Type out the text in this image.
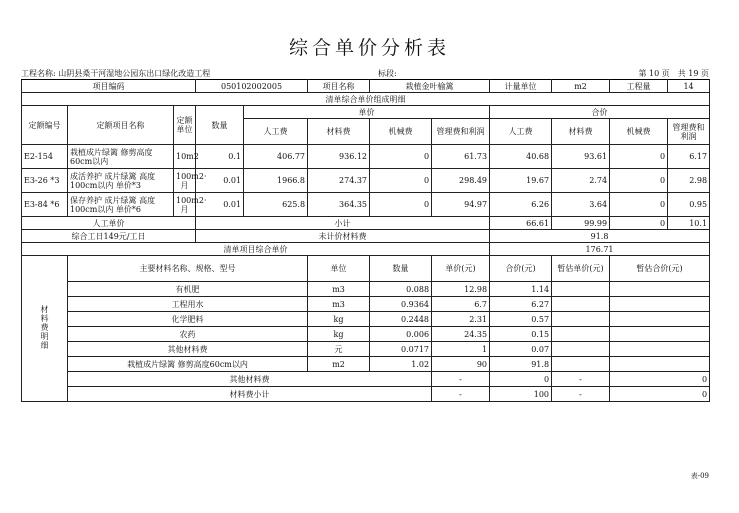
综合单价分析表
工程名称: 山阴县桑干河湿地公园东出口绿化改造工程	标段:	第 10 页　共 19 页
项目编码			050102002005		项目名称	栽植金叶榆篱		计量单位	m2	工程量	14
清单综合单价组成明细											
定额编号	定额项目名称	定额单位	数量	单价				合价			
				人工费	材料费	机械费	管理费和利润	人工费	材料费	机械费	管理费和利润
E2-154	栽植成片绿篱 修剪高度60cm以内	10m2	0.1	406.77	936.12	0	61.73	40.68	93.61	0	6.17
E3-26 *3	成活养护 成片绿篱 高度100cm以内 单价*3	100m2·月	0.01	1966.8	274.37	0	298.49	19.67	2.74	0	2.98
E3-84 *6	保存养护 成片绿篱 高度100cm以内 单价*6	100m2·月	0.01	625.8	364.35	0	94.97	6.26	3.64	0	0.95
人工单价			小计					66.61	99.99	0	10.1
综合工日149元/工日			未计价材料费					91.8			
清单项目综合单价								176.71			
材料费明细	主要材料名称、规格、型号				单位	数量	单价(元)	合价(元)	暂估单价(元)	暂估合价(元)	
	有机肥				m3	0.088	12.98	1.14			
	工程用水				m3	0.9364	6.7	6.27			
	化学肥料				kg	0.2448	2.31	0.57			
	农药				kg	0.006	24.35	0.15			
	其他材料费				元	0.0717	1	0.07			
	栽植成片绿篱 修剪高度60cm以内				m2	1.02	90	91.8			
	其他材料费						-	0	-	0	
	材料费小计						-	100	-	0	
表-09
